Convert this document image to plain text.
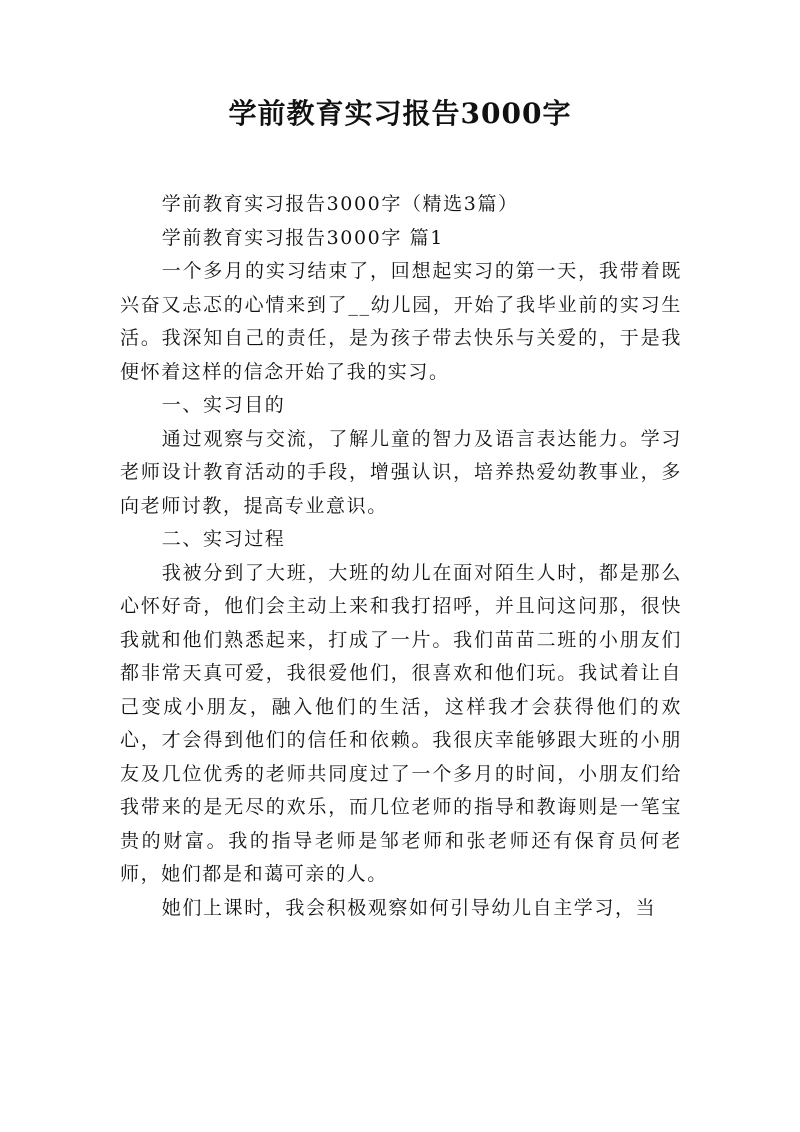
学前教育实习报告3000字

学前教育实习报告3000字（精选3篇）

学前教育实习报告3000字 篇1

一个多月的实习结束了，回想起实习的第一天，我带着既兴奋又忐忑的心情来到了__幼儿园，开始了我毕业前的实习生活。我深知自己的责任，是为孩子带去快乐与关爱的，于是我便怀着这样的信念开始了我的实习。

一、实习目的

通过观察与交流，了解儿童的智力及语言表达能力。学习老师设计教育活动的手段，增强认识，培养热爱幼教事业，多向老师讨教，提高专业意识。

二、实习过程

我被分到了大班，大班的幼儿在面对陌生人时，都是那么心怀好奇，他们会主动上来和我打招呼，并且问这问那，很快我就和他们熟悉起来，打成了一片。我们苗苗二班的小朋友们都非常天真可爱，我很爱他们，很喜欢和他们玩。我试着让自己变成小朋友，融入他们的生活，这样我才会获得他们的欢心，才会得到他们的信任和依赖。我很庆幸能够跟大班的小朋友及几位优秀的老师共同度过了一个多月的时间，小朋友们给我带来的是无尽的欢乐，而几位老师的指导和教诲则是一笔宝贵的财富。我的指导老师是邹老师和张老师还有保育员何老师，她们都是和蔼可亲的人。

她们上课时，我会积极观察如何引导幼儿自主学习，当
